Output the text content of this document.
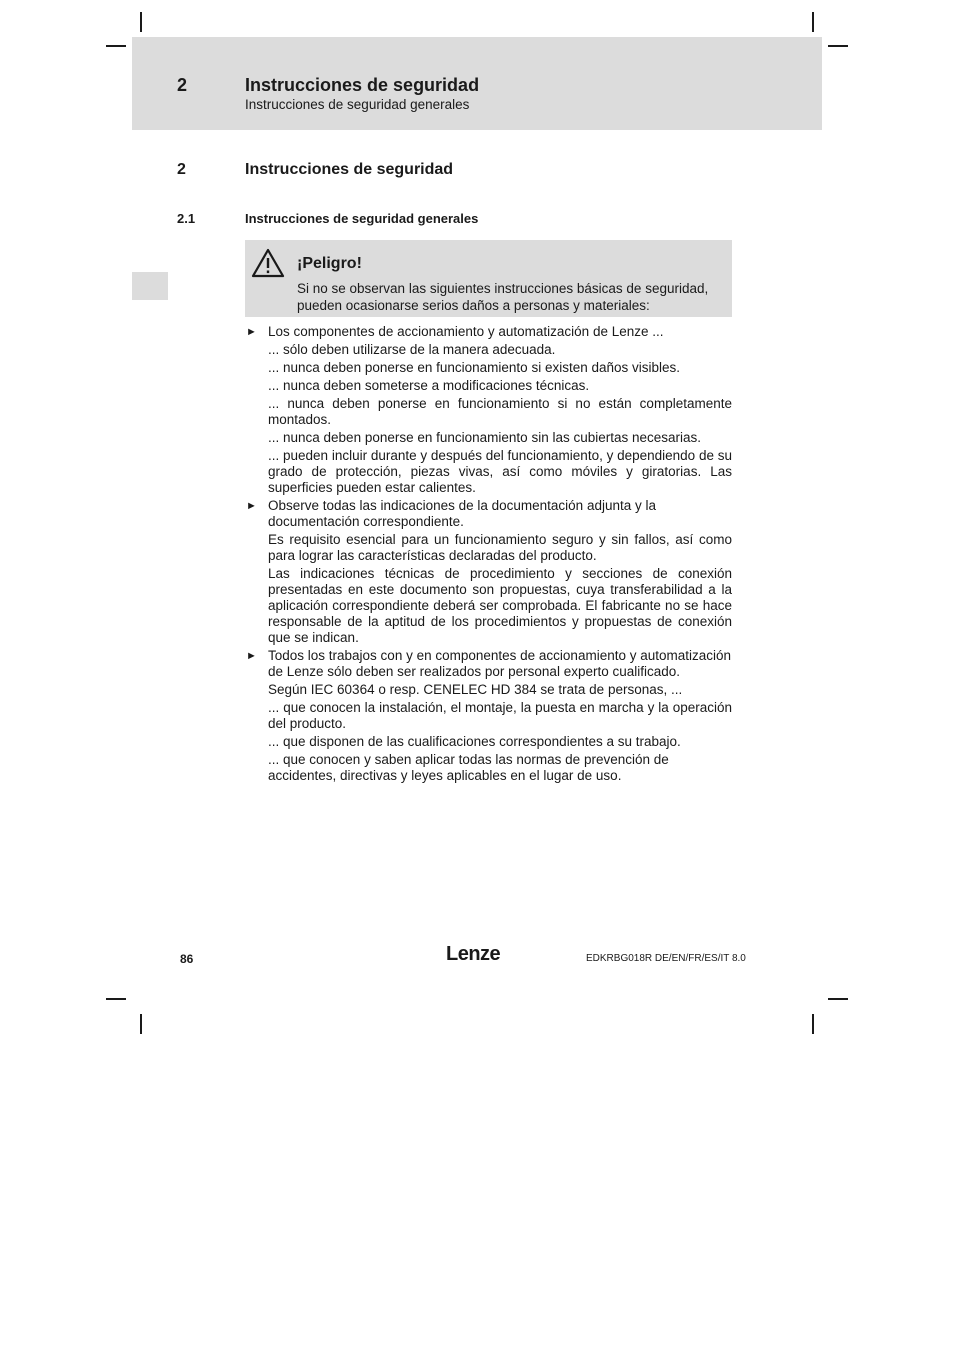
2	Instrucciones de seguridad
Instrucciones de seguridad generales
2	Instrucciones de seguridad
2.1	Instrucciones de seguridad generales
¡Peligro!
Si no se observan las siguientes instrucciones básicas de seguridad, pueden ocasionarse serios daños a personas y materiales:
► Los componentes de accionamiento y automatización de Lenze ...
... sólo deben utilizarse de la manera adecuada.
... nunca deben ponerse en funcionamiento si existen daños visibles.
... nunca deben someterse a modificaciones técnicas.
... nunca deben ponerse en funcionamiento si no están completamente montados.
... nunca deben ponerse en funcionamiento sin las cubiertas necesarias.
... pueden incluir durante y después del funcionamiento, y dependiendo de su grado de protección, piezas vivas, así como móviles y giratorias. Las superficies pueden estar calientes.
► Observe todas las indicaciones de la documentación adjunta y la documentación correspondiente.
Es requisito esencial para un funcionamiento seguro y sin fallos, así como para lograr las características declaradas del producto.
Las indicaciones técnicas de procedimiento y secciones de conexión presentadas en este documento son propuestas, cuya transferabilidad a la aplicación correspondiente deberá ser comprobada. El fabricante no se hace responsable de la aptitud de los procedimientos y propuestas de conexión que se indican.
► Todos los trabajos con y en componentes de accionamiento y automatización de Lenze sólo deben ser realizados por personal experto cualificado.
Según IEC 60364 o resp. CENELEC HD 384 se trata de personas, ...
... que conocen la instalación, el montaje, la puesta en marcha y la operación del producto.
... que disponen de las cualificaciones correspondientes a su trabajo.
... que conocen y saben aplicar todas las normas de prevención de accidentes, directivas y leyes aplicables en el lugar de uso.
86	Lenze	EDKRBG018R DE/EN/FR/ES/IT 8.0
